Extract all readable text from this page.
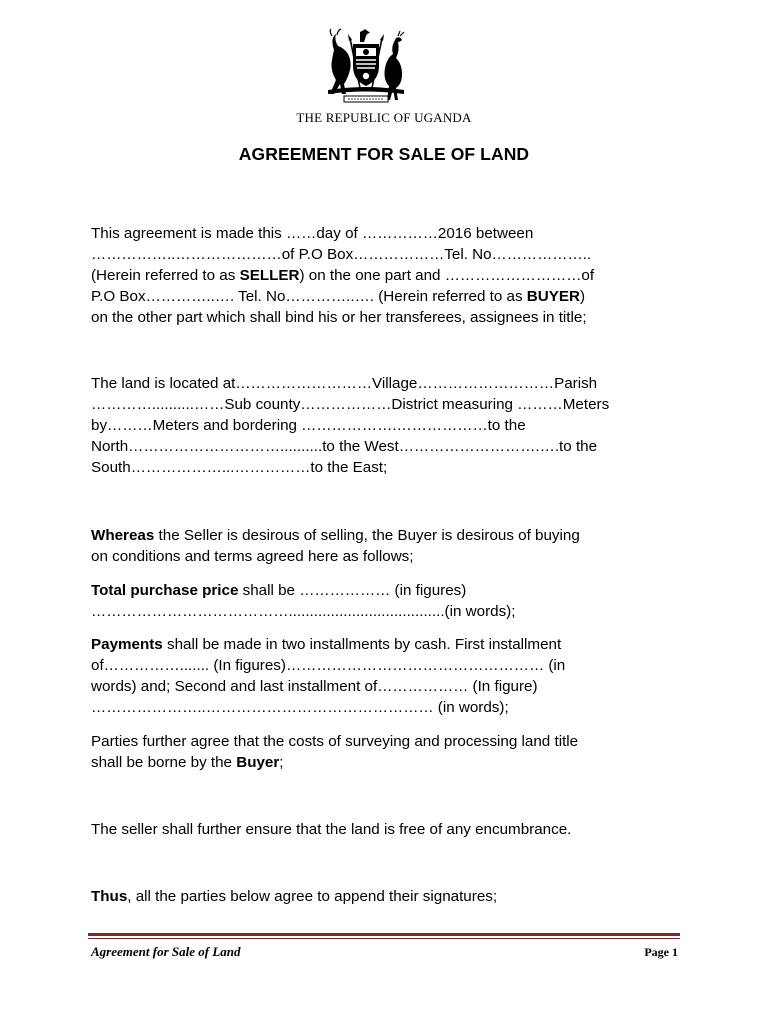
THE REPUBLIC OF UGANDA
AGREEMENT FOR SALE OF LAND

This agreement is made this ……day of ……………2016 between
……………..…………………of P.O Box………………Tel. No………………..
(Herein referred to as SELLER) on the one part and ………………………of
P.O Box…………..…. Tel. No…………..…. (Herein referred to as BUYER)
on the other part which shall bind his or her transferees, assignees in title;

The land is located at………………………Village………………………Parish
…………..........……Sub county………………District measuring ………Meters
by………Meters and bordering ……………….………………to the
North…………………………..........to the West……………………….….to the
South………………...……………to the East;

Whereas the Seller is desirous of selling, the Buyer is desirous of buying
on conditions and terms agreed here as follows;

Total purchase price shall be ……………… (in figures)
………………………………….....................................(in words);

Payments shall be made in two installments by cash. First installment
of……………....... (In figures)…………………………………………… (in
words) and; Second and last installment of……………… (In figure)
…………………..……………………………………… (in words);

Parties further agree that the costs of surveying and processing land title
shall be borne by the Buyer;

The seller shall further ensure that the land is free of any encumbrance.

Thus, all the parties below agree to append their signatures;

Agreement for Sale of Land	Page 1
